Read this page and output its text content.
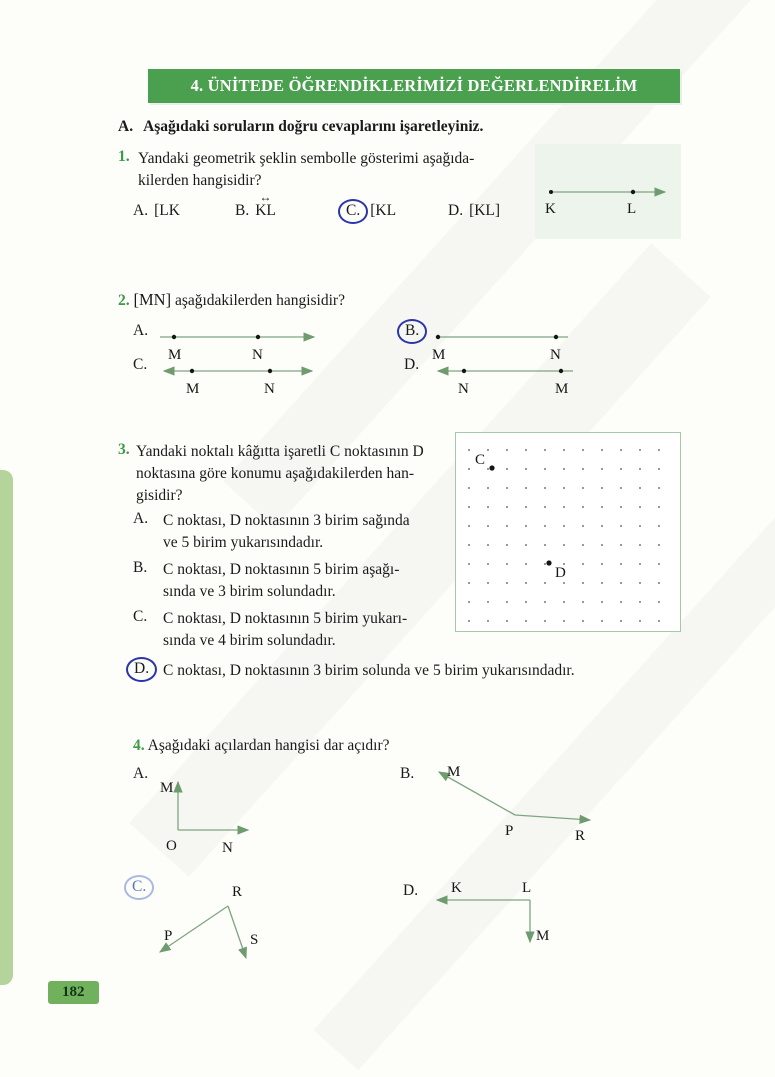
182
4. ÜNİTEDE ÖĞRENDİKLERİMİZİ DEĞERLENDİRELİM
A. Aşağıdaki soruların doğru cevaplarını işaretleyiniz.
1. Yandaki geometrik şeklin sembolle gösterimi aşağıda-
kilerden hangisidir?
K	L
A. [LK	B.
↔
KL	C. [KL	D. [KL]
2. [MN] aşağıdakilerden hangisidir?
A.
M	N
B.
M	N
C.
M	N
D.
N	M
3. Yandaki noktalı kâğıtta işaretli C noktasının D
noktasına göre konumu aşağıdakilerden han-
gisidir?
C
D
A. C noktası, D noktasının 3 birim sağında
ve 5 birim yukarısındadır.
B. C noktası, D noktasının 5 birim aşağı-
sında ve 3 birim solundadır.
C. C noktası, D noktasının 5 birim yukarı-
sında ve 4 birim solundadır.
D. C noktası, D noktasının 3 birim solunda ve 5 birim yukarısındadır.
4. Aşağıdaki açılardan hangisi dar açıdır?
A.
M
O	N
B. M
P	R
C.	R
P	S
D. K	L
M
